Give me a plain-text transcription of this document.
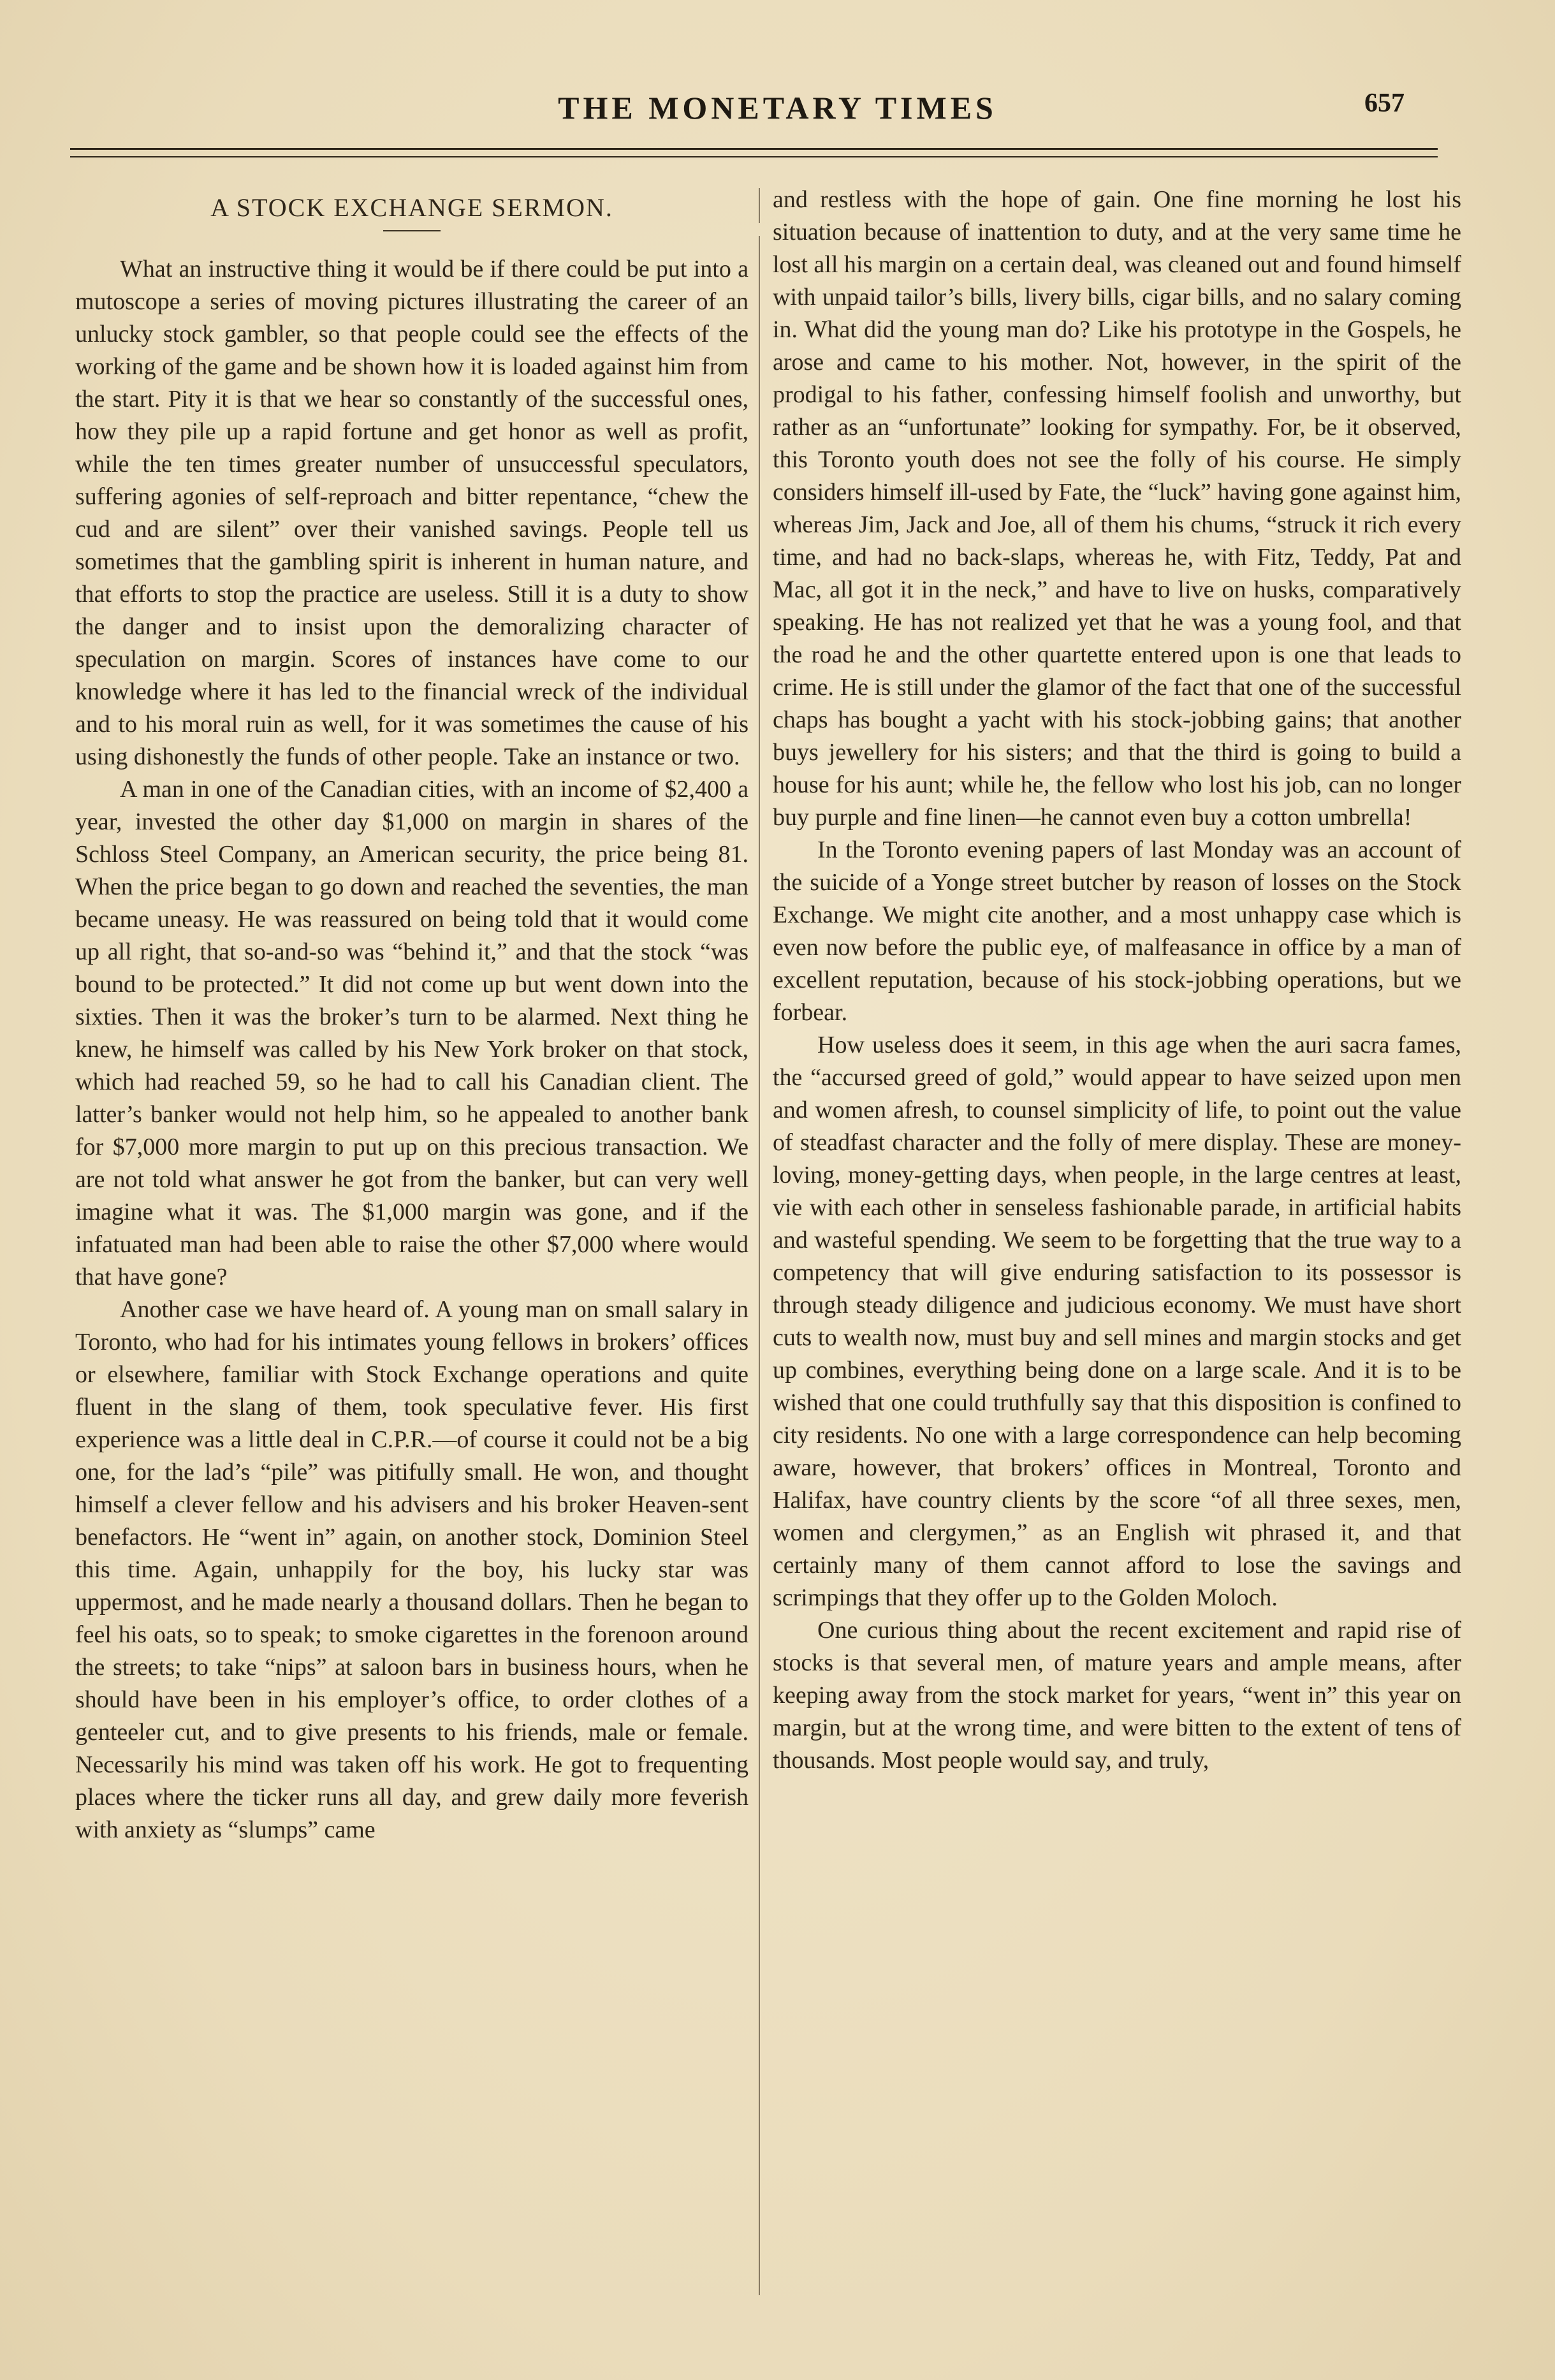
THE MONETARY TIMES	657
A STOCK EXCHANGE SERMON.

What an instructive thing it would be if there could be put into a mutoscope a series of moving pictures illustrating the career of an unlucky stock gambler, so that people could see the effects of the working of the game and be shown how it is loaded against him from the start. Pity it is that we hear so constantly of the successful ones, how they pile up a rapid fortune and get honor as well as profit, while the ten times greater number of unsuccessful speculators, suffering agonies of self-reproach and bitter repentance, “chew the cud and are silent” over their vanished savings. People tell us sometimes that the gambling spirit is inherent in human nature, and that efforts to stop the practice are useless. Still it is a duty to show the danger and to insist upon the demoralizing character of speculation on margin. Scores of instances have come to our knowledge where it has led to the financial wreck of the individual and to his moral ruin as well, for it was sometimes the cause of his using dishonestly the funds of other people. Take an instance or two.

A man in one of the Canadian cities, with an income of $2,400 a year, invested the other day $1,000 on margin in shares of the Schloss Steel Company, an American security, the price being 81. When the price began to go down and reached the seventies, the man became uneasy. He was reassured on being told that it would come up all right, that so-and-so was “behind it,” and that the stock “was bound to be protected.” It did not come up but went down into the sixties. Then it was the broker’s turn to be alarmed. Next thing he knew, he himself was called by his New York broker on that stock, which had reached 59, so he had to call his Canadian client. The latter’s banker would not help him, so he appealed to another bank for $7,000 more margin to put up on this precious transaction. We are not told what answer he got from the banker, but can very well imagine what it was. The $1,000 margin was gone, and if the infatuated man had been able to raise the other $7,000 where would that have gone?

Another case we have heard of. A young man on small salary in Toronto, who had for his intimates young fellows in brokers’ offices or elsewhere, familiar with Stock Exchange operations and quite fluent in the slang of them, took speculative fever. His first experience was a little deal in C.P.R.—of course it could not be a big one, for the lad’s “pile” was pitifully small. He won, and thought himself a clever fellow and his advisers and his broker Heaven-sent benefactors. He “went in” again, on another stock, Dominion Steel this time. Again, unhappily for the boy, his lucky star was uppermost, and he made nearly a thousand dollars. Then he began to feel his oats, so to speak; to smoke cigarettes in the forenoon around the streets; to take “nips” at saloon bars in business hours, when he should have been in his employer’s office, to order clothes of a genteeler cut, and to give presents to his friends, male or female. Necessarily his mind was taken off his work. He got to frequenting places where the ticker runs all day, and grew daily more feverish with anxiety as “slumps” came

and restless with the hope of gain. One fine morning he lost his situation because of inattention to duty, and at the very same time he lost all his margin on a certain deal, was cleaned out and found himself with unpaid tailor’s bills, livery bills, cigar bills, and no salary coming in. What did the young man do? Like his prototype in the Gospels, he arose and came to his mother. Not, however, in the spirit of the prodigal to his father, confessing himself foolish and unworthy, but rather as an “unfortunate” looking for sympathy. For, be it observed, this Toronto youth does not see the folly of his course. He simply considers himself ill-used by Fate, the “luck” having gone against him, whereas Jim, Jack and Joe, all of them his chums, “struck it rich every time, and had no back-slaps, whereas he, with Fitz, Teddy, Pat and Mac, all got it in the neck,” and have to live on husks, comparatively speaking. He has not realized yet that he was a young fool, and that the road he and the other quartette entered upon is one that leads to crime. He is still under the glamor of the fact that one of the successful chaps has bought a yacht with his stock-jobbing gains; that another buys jewellery for his sisters; and that the third is going to build a house for his aunt; while he, the fellow who lost his job, can no longer buy purple and fine linen—he cannot even buy a cotton umbrella!

In the Toronto evening papers of last Monday was an account of the suicide of a Yonge street butcher by reason of losses on the Stock Exchange. We might cite another, and a most unhappy case which is even now before the public eye, of malfeasance in office by a man of excellent reputation, because of his stock-jobbing operations, but we forbear.

How useless does it seem, in this age when the auri sacra fames, the “accursed greed of gold,” would appear to have seized upon men and women afresh, to counsel simplicity of life, to point out the value of steadfast character and the folly of mere display. These are money-loving, money-getting days, when people, in the large centres at least, vie with each other in senseless fashionable parade, in artificial habits and wasteful spending. We seem to be forgetting that the true way to a competency that will give enduring satisfaction to its possessor is through steady diligence and judicious economy. We must have short cuts to wealth now, must buy and sell mines and margin stocks and get up combines, everything being done on a large scale. And it is to be wished that one could truthfully say that this disposition is confined to city residents. No one with a large correspondence can help becoming aware, however, that brokers’ offices in Montreal, Toronto and Halifax, have country clients by the score “of all three sexes, men, women and clergymen,” as an English wit phrased it, and that certainly many of them cannot afford to lose the savings and scrimpings that they offer up to the Golden Moloch.

One curious thing about the recent excitement and rapid rise of stocks is that several men, of mature years and ample means, after keeping away from the stock market for years, “went in” this year on margin, but at the wrong time, and were bitten to the extent of tens of thousands. Most people would say, and truly,
